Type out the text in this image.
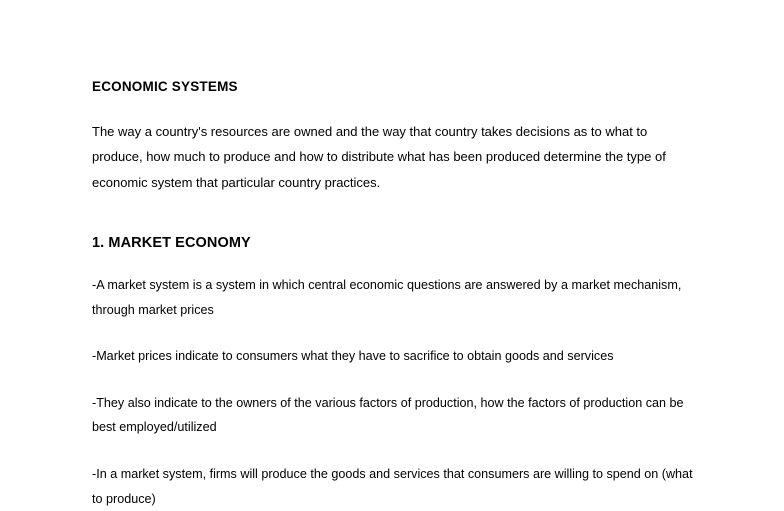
ECONOMIC SYSTEMS

The way a country's resources are owned and the way that country takes decisions as to what to produce, how much to produce and how to distribute what has been produced determine the type of economic system that particular country practices.

1. MARKET ECONOMY

-A market system is a system in which central economic questions are answered by a market mechanism, through market prices

-Market prices indicate to consumers what they have to sacrifice to obtain goods and services

-They also indicate to the owners of the various factors of production, how the factors of production can be best employed/utilized

-In a market system, firms will produce the goods and services that consumers are willing to spend on (what to produce)
